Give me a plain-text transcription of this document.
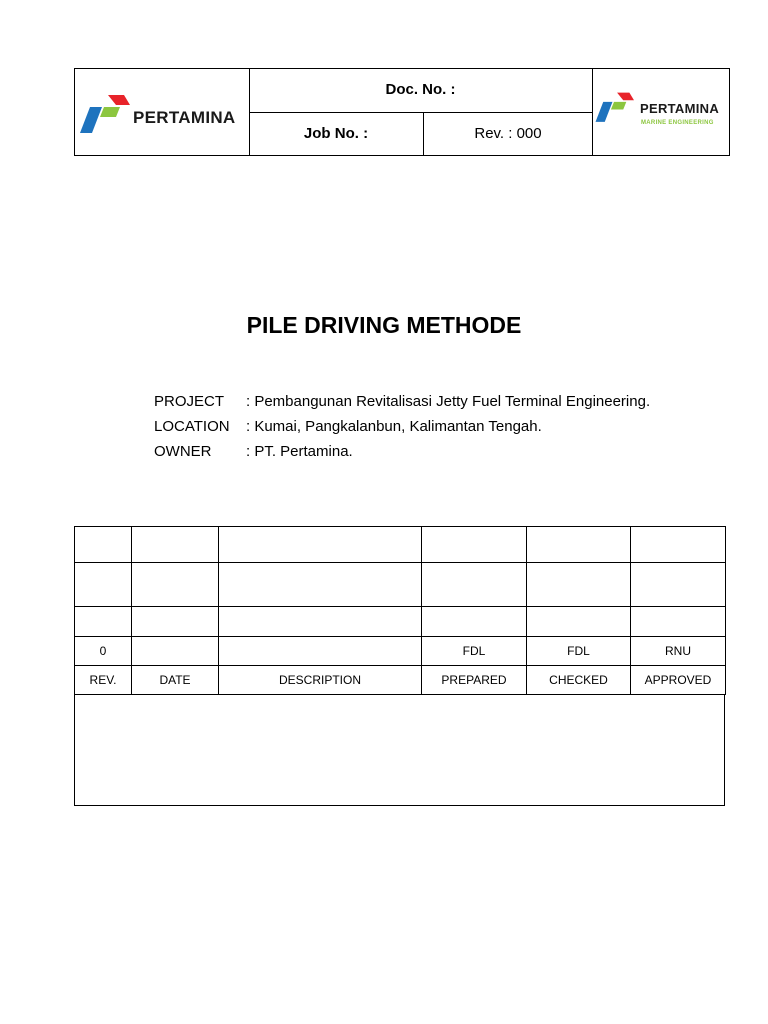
PERTAMINA
Doc. No. :
Job No. :	Rev. : 000
PERTAMINA
MARINE ENGINEERING
PILE DRIVING METHODE
PROJECT	: Pembangunan Revitalisasi Jetty Fuel Terminal Engineering.
LOCATION	: Kumai, Pangkalanbun, Kalimantan Tengah.
OWNER	: PT. Pertamina.

0			FDL	FDL	RNU
REV.	DATE	DESCRIPTION	PREPARED	CHECKED	APPROVED
